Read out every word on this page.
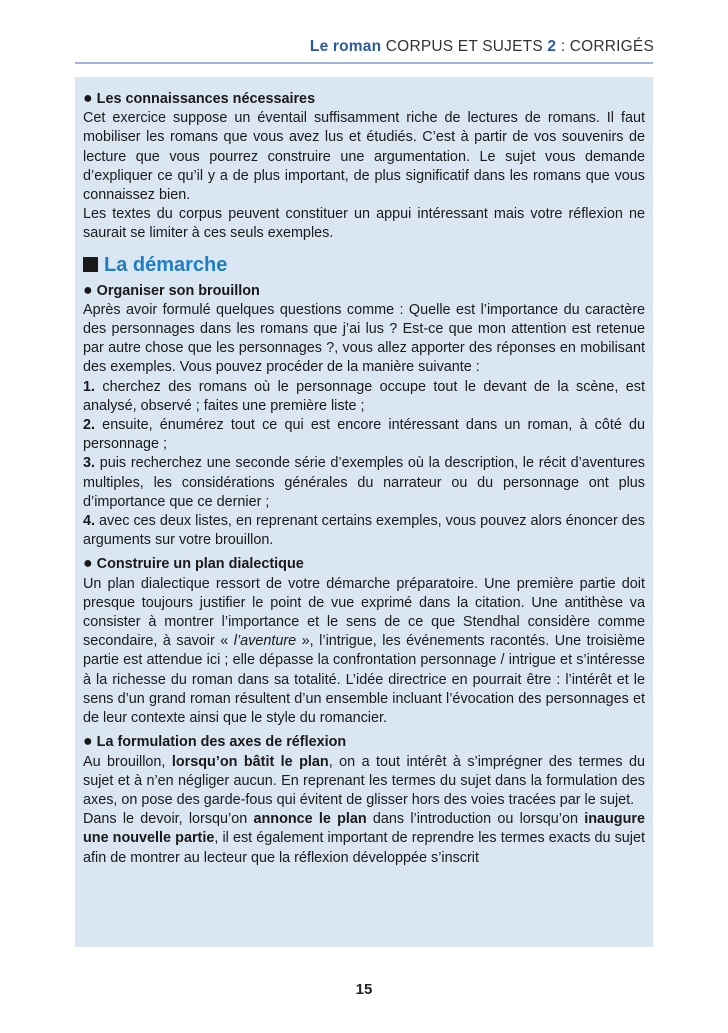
Le roman CORPUS ET SUJETS 2 : CORRIGÉS

● Les connaissances nécessaires

Cet exercice suppose un éventail suffisamment riche de lectures de romans. Il faut mobiliser les romans que vous avez lus et étudiés. C’est à partir de vos souvenirs de lecture que vous pourrez construire une argumentation. Le sujet vous demande d’expliquer ce qu’il y a de plus important, de plus significatif dans les romans que vous connaissez bien.

Les textes du corpus peuvent constituer un appui intéressant mais votre réflexion ne saurait se limiter à ces seuls exemples.

La démarche

● Organiser son brouillon

Après avoir formulé quelques questions comme : Quelle est l’importance du caractère des personnages dans les romans que j’ai lus ? Est-ce que mon attention est retenue par autre chose que les personnages ?, vous allez apporter des réponses en mobilisant des exemples. Vous pouvez procéder de la manière suivante :

1. cherchez des romans où le personnage occupe tout le devant de la scène, est analysé, observé ; faites une première liste ;

2. ensuite, énumérez tout ce qui est encore intéressant dans un roman, à côté du personnage ;

3. puis recherchez une seconde série d’exemples où la description, le récit d’aventures multiples, les considérations générales du narrateur ou du personnage ont plus d’importance que ce dernier ;

4. avec ces deux listes, en reprenant certains exemples, vous pouvez alors énoncer des arguments sur votre brouillon.

● Construire un plan dialectique

Un plan dialectique ressort de votre démarche préparatoire. Une première partie doit presque toujours justifier le point de vue exprimé dans la citation. Une antithèse va consister à montrer l’importance et le sens de ce que Stendhal considère comme secondaire, à savoir « l’aventure », l’intrigue, les événements racontés. Une troisième partie est attendue ici ; elle dépasse la confrontation personnage / intrigue et s’intéresse à la richesse du roman dans sa totalité. L’idée directrice en pourrait être : l’intérêt et le sens d’un grand roman résultent d’un ensemble incluant l’évocation des personnages et de leur contexte ainsi que le style du romancier.

● La formulation des axes de réflexion

Au brouillon, lorsqu’on bâtit le plan, on a tout intérêt à s’imprégner des termes du sujet et à n’en négliger aucun. En reprenant les termes du sujet dans la formulation des axes, on pose des garde-fous qui évitent de glisser hors des voies tracées par le sujet.

Dans le devoir, lorsqu’on annonce le plan dans l’introduction ou lorsqu’on inaugure une nouvelle partie, il est également important de reprendre les termes exacts du sujet afin de montrer au lecteur que la réflexion développée s’inscrit

15
